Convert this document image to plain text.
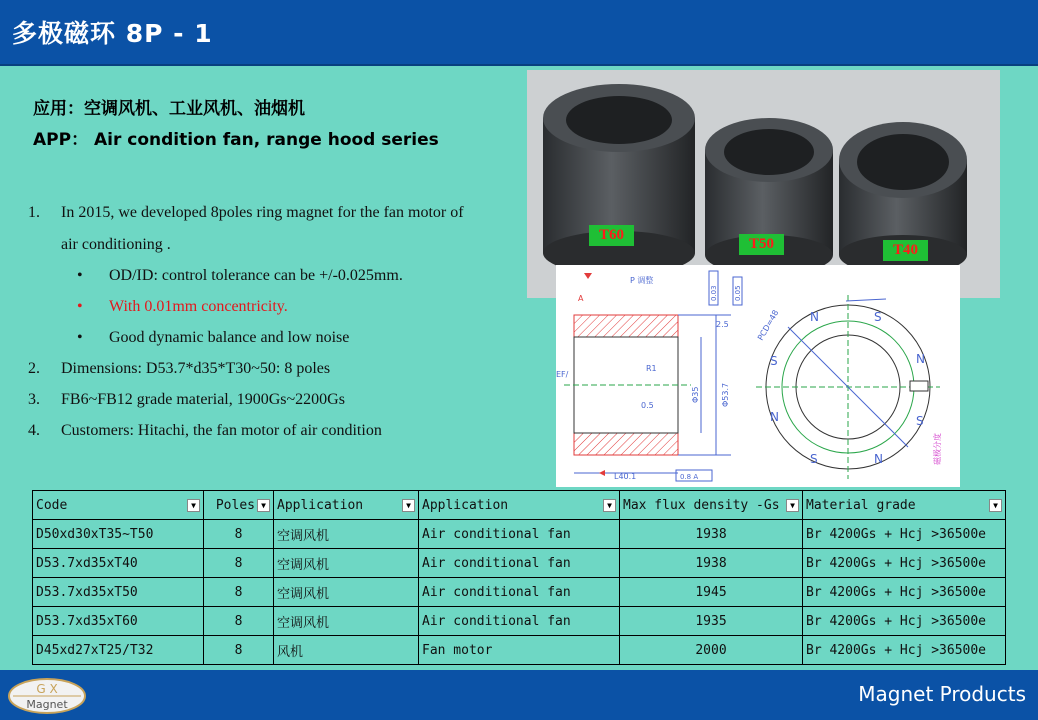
多极磁环 8P - 1
应用：空调风机、工业风机、油烟机
APP： Air condition fan, range hood series
1. In 2015, we developed 8poles ring magnet for the fan motor of
air conditioning .
• OD/ID: control tolerance can be +/-0.025mm.
• With 0.01mm concentricity.
• Good dynamic balance and low noise
2. Dimensions: D53.7*d35*T30~50: 8 poles
3. FB6~FB12 grade material, 1900Gs~2200Gs
4. Customers: Hitachi, the fan motor of air condition
T60
T50	T40
A
P 调整
EF/
R1
0.5
2.5
L40.1	0.8 A
0.03 0.05
Φ35	Φ53.7
PCD=48
磁极分度
N	S
S	N
N	S
S	N
Code ▼	Poles ▼	Application ▼	Application ▼	Max flux density -Gs ▼	Material grade ▼

D50xd30xT35~T50	8	空调风机	Air conditional fan	1938	Br 4200Gs + Hcj >36500e
D53.7xd35xT40	8	空调风机	Air conditional fan	1938	Br 4200Gs + Hcj >36500e
D53.7xd35xT50	8	空调风机	Air conditional fan	1945	Br 4200Gs + Hcj >36500e
D53.7xd35xT60	8	空调风机	Air conditional fan	1935	Br 4200Gs + Hcj >36500e
D45xd27xT25/T32	8	风机	Fan motor	2000	Br 4200Gs + Hcj >36500e
Magnet Products
G X
Magnet
